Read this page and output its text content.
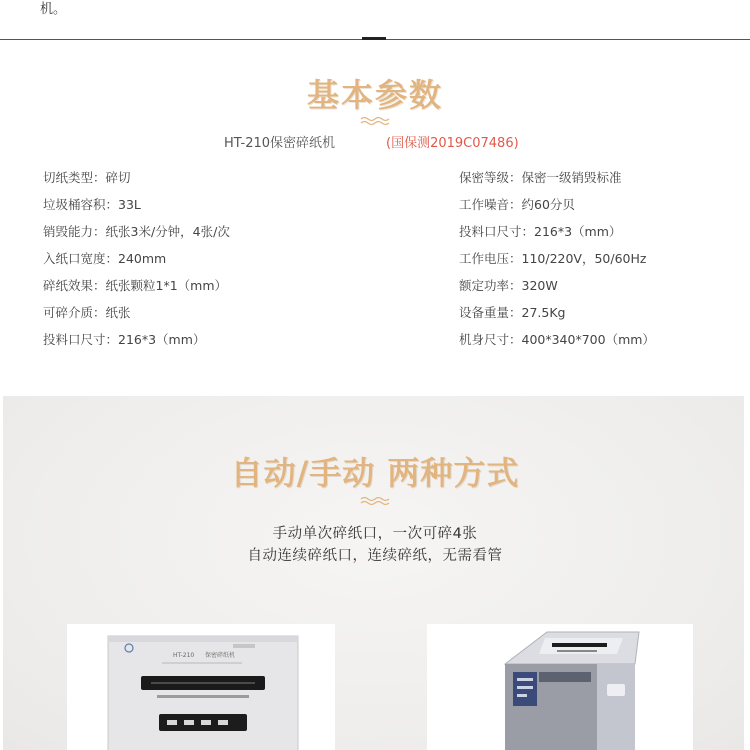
机。
基本参数
HT-210保密碎纸机	(国保测2019C07486)
切纸类型：碎切
垃圾桶容积：33L
销毁能力：纸张3米/分钟，4张/次
入纸口宽度：240mm
碎纸效果：纸张颗粒1*1（mm）
可碎介质：纸张
投料口尺寸：216*3（mm）
保密等级：保密一级销毁标准
工作噪音：约60分贝
投料口尺寸：216*3（mm）
工作电压：110/220V，50/60Hz
额定功率：320W
设备重量：27.5Kg
机身尺寸：400*340*700（mm）
自动/手动 两种方式
手动单次碎纸口，一次可碎4张
自动连续碎纸口，连续碎纸，无需看管
HT-210 保密碎纸机
